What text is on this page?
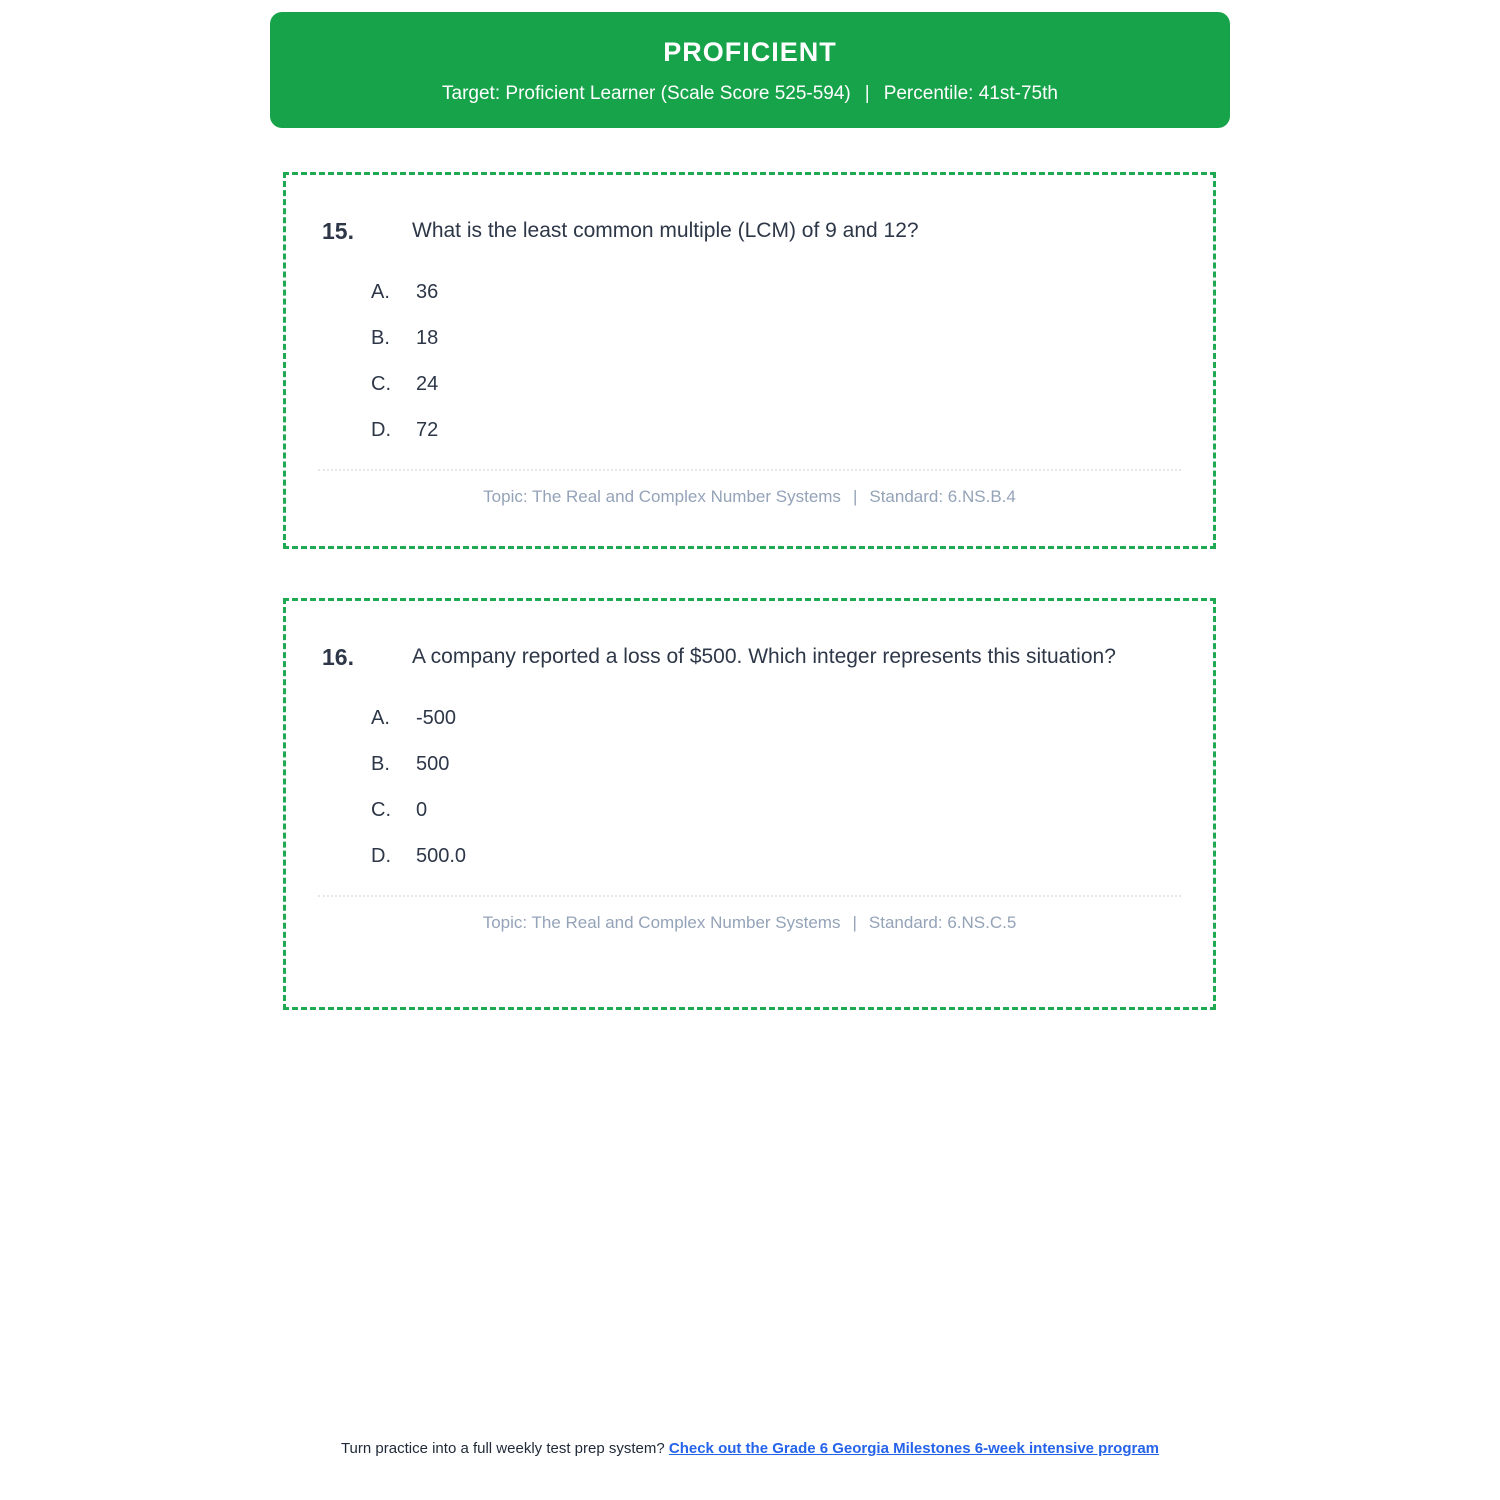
PROFICIENT
Target: Proficient Learner (Scale Score 525-594) | Percentile: 41st-75th
15.	What is the least common multiple (LCM) of 9 and 12?
A.	36
B.	18
C.	24
D.	72
Topic: The Real and Complex Number Systems | Standard: 6.NS.B.4
16.	A company reported a loss of $500. Which integer represents this situation?
A.	-500
B.	500
C.	0
D.	500.0
Topic: The Real and Complex Number Systems | Standard: 6.NS.C.5
Turn practice into a full weekly test prep system? Check out the Grade 6 Georgia Milestones 6-week intensive program
